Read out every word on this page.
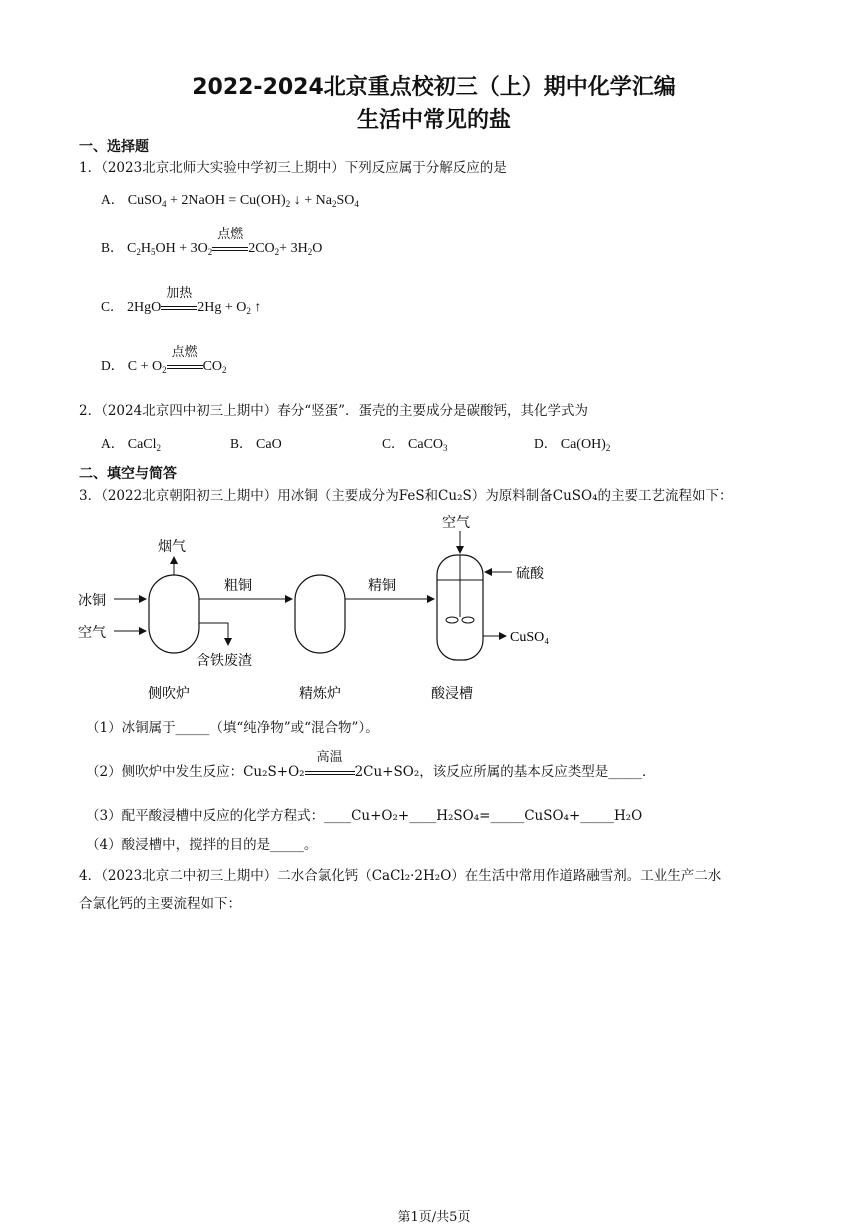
2022-2024北京重点校初三（上）期中化学汇编
生活中常见的盐
一、选择题
1．（2023北京北师大实验中学初三上期中）下列反应属于分解反应的是
A． CuSO$_4$ + 2NaOH = $Cu(OH)_2$ ↓ + $Na_2SO_4$
B． $C_2H_5OH + 3O_2$
点燃
$2CO_2+ 3H_2O$
C． 2HgO
加热
$2Hg + O_2$ ↑
D． $C + O_2$
点燃
$CO_2$
2．（2024北京四中初三上期中）春分“竖蛋”．蛋壳的主要成分是碳酸钙，其化学式为
A． CaCl$_2$	B． CaO	C． CaCO$_3$	D． $Ca(OH)_2$
二、填空与简答
3．（2022北京朝阳初三上期中）用冰铜（主要成分为FeS和Cu₂S）为原料制备CuSO₄的主要工艺流程如下：
冰铜
空气
烟气
含铁废渣
粗铜	精铜
空气
硫酸
CuSO₄
侧吹炉	精炼炉	酸浸槽
（1）冰铜属于_____（填“纯净物”或“混合物”）。
（2）侧吹炉中发生反应：Cu₂S+O₂
高温
2Cu+SO₂，该反应所属的基本反应类型是_____．
（3）配平酸浸槽中反应的化学方程式：____Cu+O₂+____H₂SO₄=_____CuSO₄+_____H₂O
（4）酸浸槽中，搅拌的目的是_____。
4．（2023北京二中初三上期中）二水合氯化钙（CaCl₂·2H₂O）在生活中常用作道路融雪剂。工业生产二水
合氯化钙的主要流程如下：
第1页/共5页
